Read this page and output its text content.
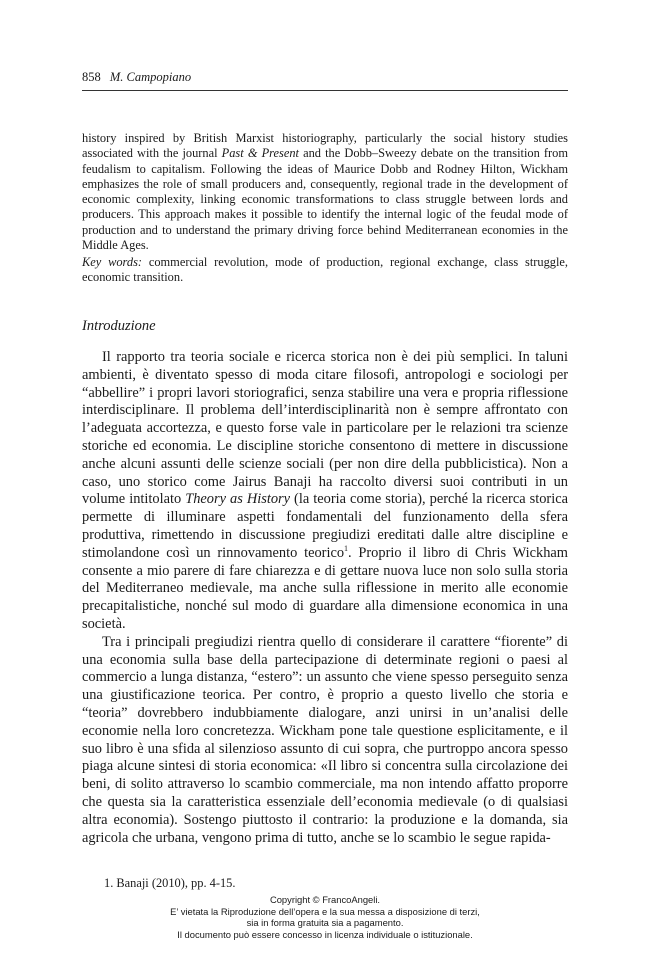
858 M. Campopiano

history inspired by British Marxist historiography, particularly the social history studies associated with the journal Past & Present and the Dobb–Sweezy debate on the transition from feudalism to capitalism. Following the ideas of Maurice Dobb and Rodney Hilton, Wickham emphasizes the role of small producers and, consequently, regional trade in the development of economic complexity, linking economic transformations to class struggle between lords and producers. This approach makes it possible to identify the internal logic of the feudal mode of production and to understand the primary driving force behind Mediterranean economies in the Middle Ages.

Key words: commercial revolution, mode of production, regional exchange, class struggle, economic transition.

Introduzione

Il rapporto tra teoria sociale e ricerca storica non è dei più semplici. In taluni ambienti, è diventato spesso di moda citare filosofi, antropologi e sociologi per “abbellire” i propri lavori storiografici, senza stabilire una vera e propria riflessione interdisciplinare. Il problema dell’interdisciplinarità non è sempre affrontato con l’adeguata accortezza, e questo forse vale in particolare per le relazioni tra scienze storiche ed economia. Le discipline storiche consentono di mettere in discussione anche alcuni assunti delle scienze sociali (per non dire della pubblicistica). Non a caso, uno storico come Jairus Banaji ha raccolto diversi suoi contributi in un volume intitolato Theory as History (la teoria come storia), perché la ricerca storica permette di illuminare aspetti fondamentali del funzionamento della sfera produttiva, rimettendo in discussione pregiudizi ereditati dalle altre discipline e stimolandone così un rinnovamento teorico$^1$. Proprio il libro di Chris Wickham consente a mio parere di fare chiarezza e di gettare nuova luce non solo sulla storia del Mediterraneo medievale, ma anche sulla riflessione in merito alle economie precapitalistiche, nonché sul modo di guardare alla dimensione economica in una società.

Tra i principali pregiudizi rientra quello di considerare il carattere “fiorente” di una economia sulla base della partecipazione di determinate regioni o paesi al commercio a lunga distanza, “estero”: un assunto che viene spesso perseguito senza una giustificazione teorica. Per contro, è proprio a questo livello che storia e “teoria” dovrebbero indubbiamente dialogare, anzi unirsi in un’analisi delle economie nella loro concretezza. Wickham pone tale questione esplicitamente, e il suo libro è una sfida al silenzioso assunto di cui sopra, che purtroppo ancora spesso piaga alcune sintesi di storia economica: «Il libro si concentra sulla circolazione dei beni, di solito attraverso lo scambio commerciale, ma non intendo affatto proporre che questa sia la caratteristica essenziale dell’economia medievale (o di qualsiasi altra economia). Sostengo piuttosto il contrario: la produzione e la domanda, sia agricola che urbana, vengono prima di tutto, anche se lo scambio le segue rapida-

1. Banaji (2010), pp. 4-15.
Copyright © FrancoAngeli.
E’ vietata la Riproduzione dell’opera e la sua messa a disposizione di terzi,
sia in forma gratuita sia a pagamento.
Il documento può essere concesso in licenza individuale o istituzionale.
